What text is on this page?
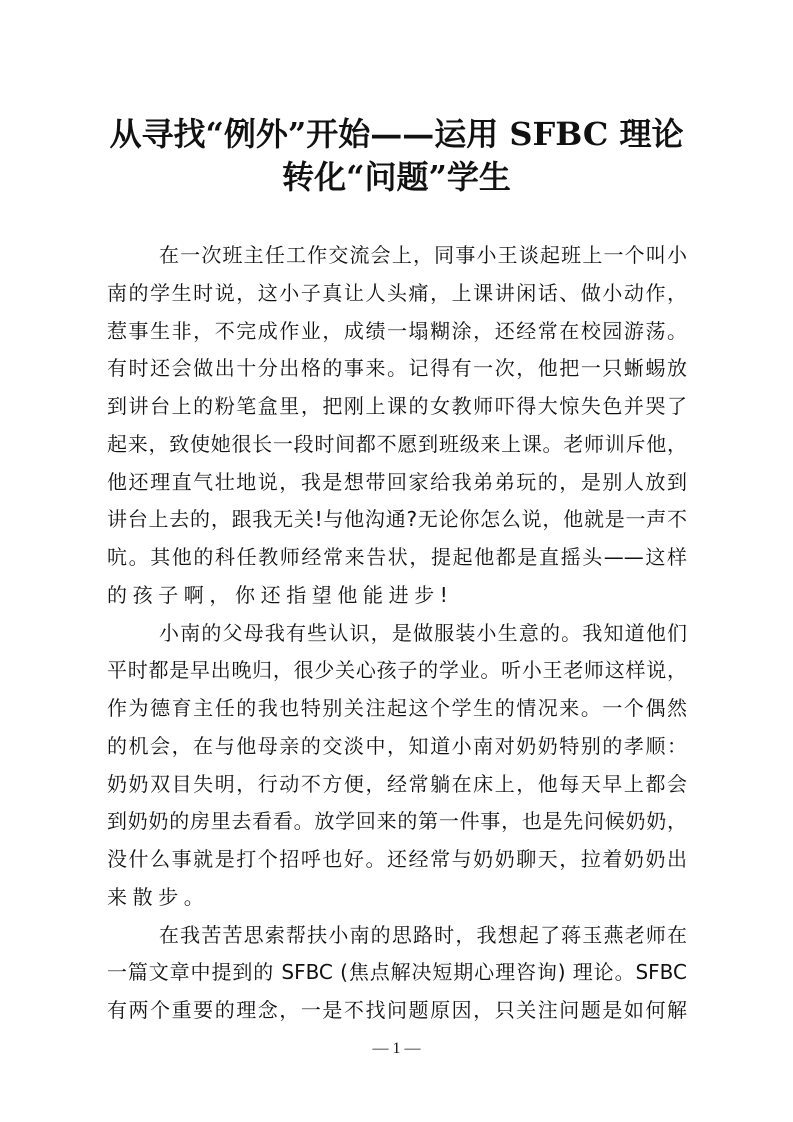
从寻找“例外”开始——运用 SFBC 理论
转化“问题”学生
在一次班主任工作交流会上，同事小王谈起班上一个叫小
南的学生时说，这小子真让人头痛，上课讲闲话、做小动作，
惹事生非，不完成作业，成绩一塌糊涂，还经常在校园游荡。
有时还会做出十分出格的事来。记得有一次，他把一只蜥蜴放
到讲台上的粉笔盒里，把刚上课的女教师吓得大惊失色并哭了
起来，致使她很长一段时间都不愿到班级来上课。老师训斥他，
他还理直气壮地说，我是想带回家给我弟弟玩的，是别人放到
讲台上去的，跟我无关!与他沟通?无论你怎么说，他就是一声不
吭。其他的科任教师经常来告状，提起他都是直摇头——这样
的孩子啊，你还指望他能进步!
小南的父母我有些认识，是做服装小生意的。我知道他们
平时都是早出晚归，很少关心孩子的学业。听小王老师这样说，
作为德育主任的我也特别关注起这个学生的情况来。一个偶然
的机会，在与他母亲的交淡中，知道小南对奶奶特别的孝顺：
奶奶双目失明，行动不方便，经常躺在床上，他每天早上都会
到奶奶的房里去看看。放学回来的第一件事，也是先问候奶奶，
没什么事就是打个招呼也好。还经常与奶奶聊天，拉着奶奶出
来散步。
在我苦苦思索帮扶小南的思路时，我想起了蒋玉燕老师在
一篇文章中提到的 SFBC (焦点解决短期心理咨询) 理论。SFBC
有两个重要的理念，一是不找问题原因，只关注问题是如何解
— 1 —
